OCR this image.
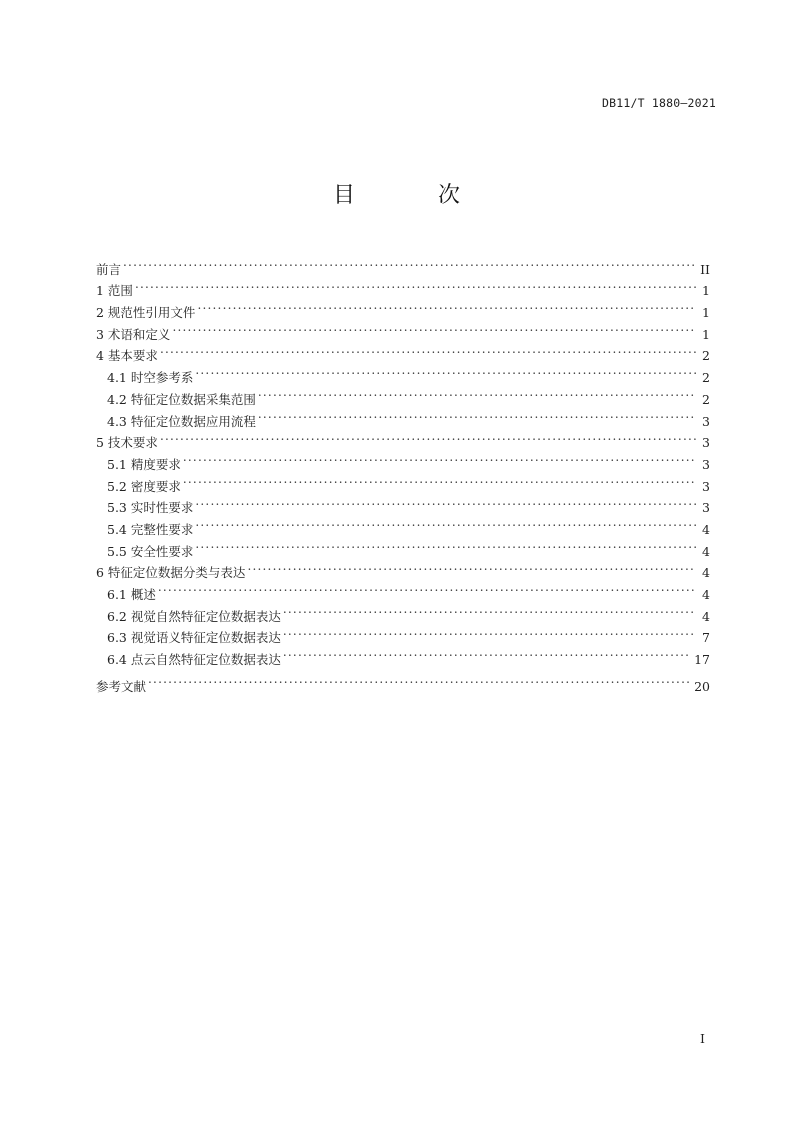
DB11/T 1880—2021
目 次
前言 . . .	II
1 范围 . . .	1
2 规范性引用文件 . . .	1
3 术语和定义 . . .	1
4 基本要求 . . .	2
4.1 时空参考系 . . .	2
4.2 特征定位数据采集范围 . . .	2
4.3 特征定位数据应用流程 . . .	3
5 技术要求 . . .	3
5.1 精度要求 . . .	3
5.2 密度要求 . . .	3
5.3 实时性要求 . . .	3
5.4 完整性要求 . . .	4
5.5 安全性要求 . . .	4
6 特征定位数据分类与表达 . . .	4
6.1 概述 . . .	4
6.2 视觉自然特征定位数据表达 . . .	4
6.3 视觉语义特征定位数据表达 . . .	7
6.4 点云自然特征定位数据表达 . . .	17
参考文献 . . .	20
I
